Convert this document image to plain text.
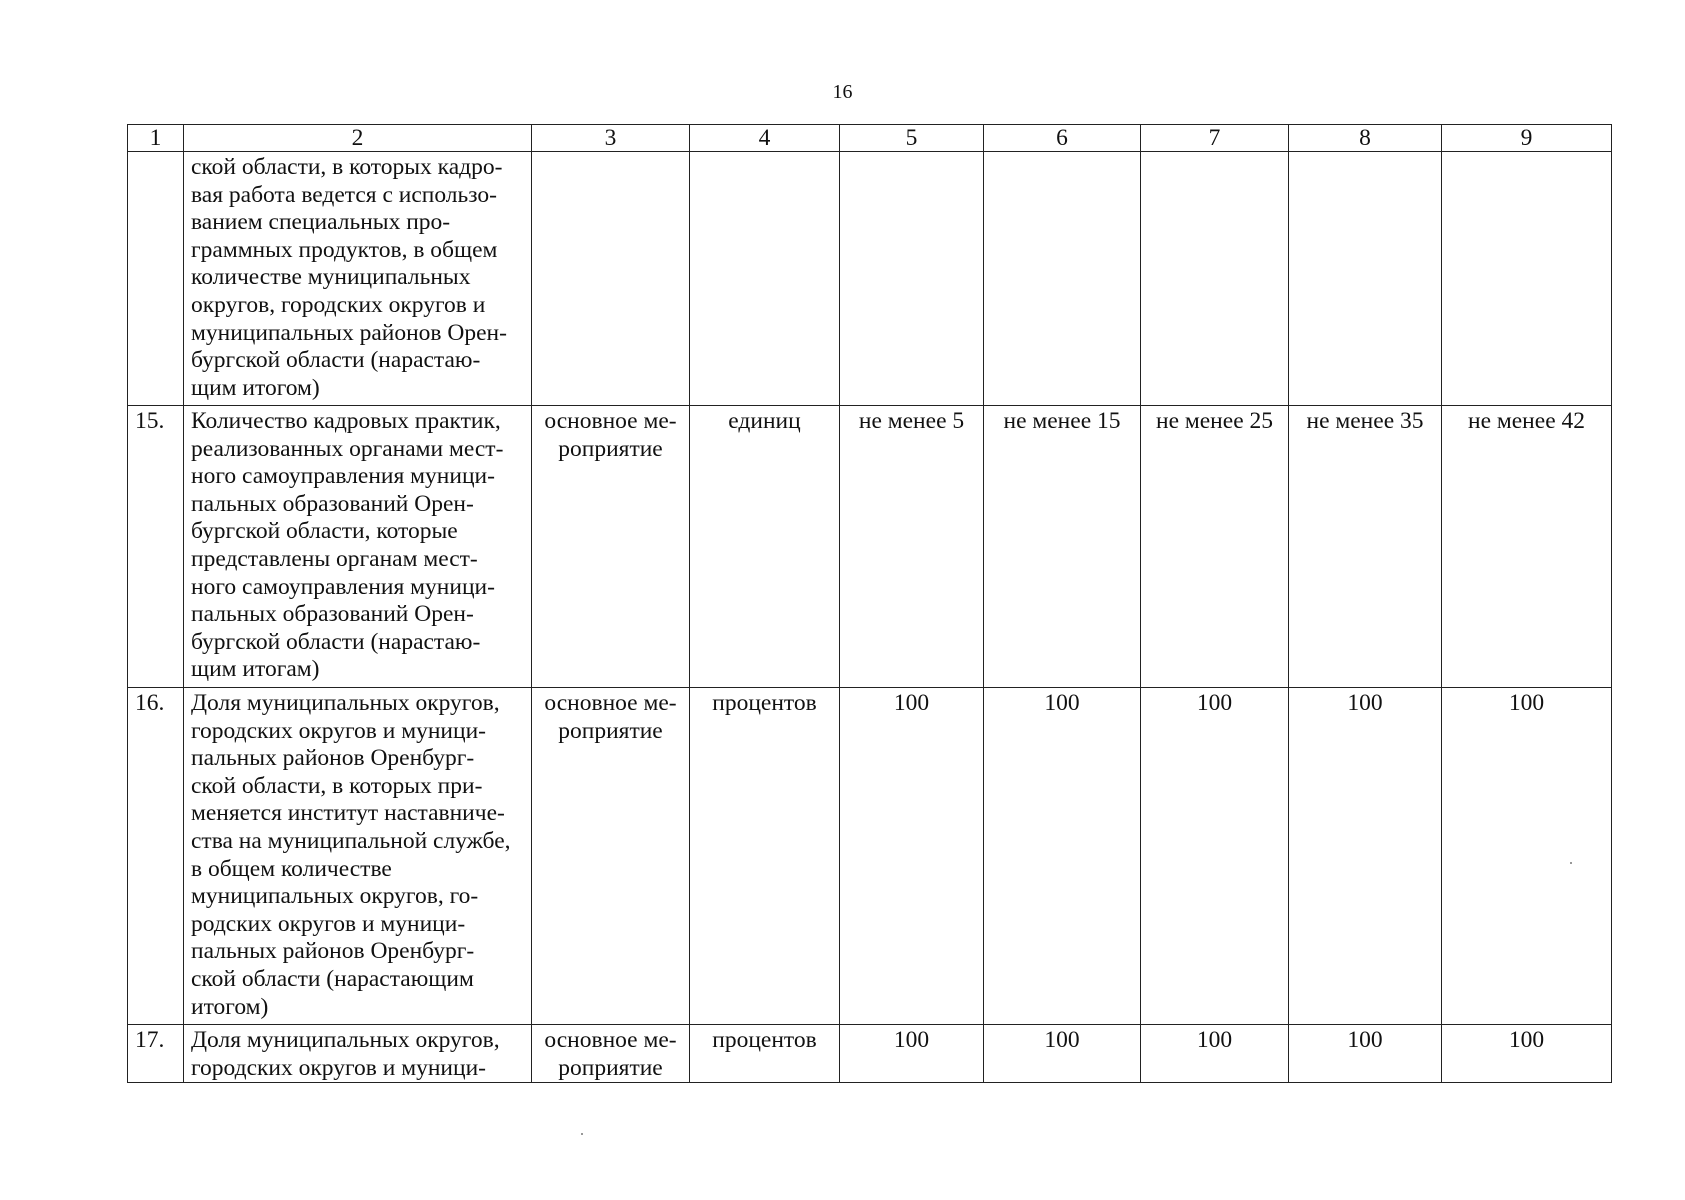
16
1	2	3	4	5	6	7	8	9
	ской области, в которых кадро- вая работа ведется с использо- ванием специальных про- граммных продуктов, в общем количестве муниципальных округов, городских округов и муниципальных районов Орен- бургской области (нарастаю- щим итогом)							
15.	Количество кадровых практик, реализованных органами мест- ного самоуправления муници- пальных образований Орен- бургской области, которые представлены органам мест- ного самоуправления муници- пальных образований Орен- бургской области (нарастаю- щим итогам)	основное ме- роприятие	единиц	не менее 5	не менее 15	не менее 25	не менее 35	не менее 42
16.	Доля муниципальных округов, городских округов и муници- пальных районов Оренбург- ской области, в которых при- меняется институт наставниче- ства на муниципальной службе, в общем количестве муниципальных округов, го- родских округов и муници- пальных районов Оренбург- ской области (нарастающим итогом)	основное ме- роприятие	процентов	100	100	100	100	100
17.	Доля муниципальных округов, городских округов и муници-	основное ме- роприятие	процентов	100	100	100	100	100
